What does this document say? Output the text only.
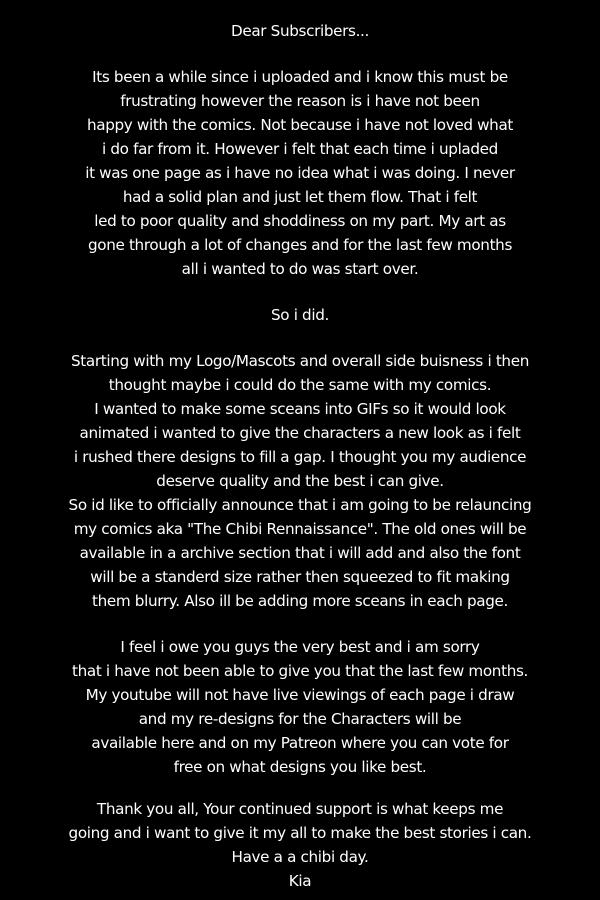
Dear Subscribers...
Its been a while since i uploaded and i know this must be
frustrating however the reason is i have not been
happy with the comics. Not because i have not loved what
i do far from it. However i felt that each time i upladed
it was one page as i have no idea what i was doing. I never
had a solid plan and just let them flow. That i felt
led to poor quality and shoddiness on my part. My art as
gone through a lot of changes and for the last few months
all i wanted to do was start over.
So i did.
Starting with my Logo/Mascots and overall side buisness i then
thought maybe i could do the same with my comics.
I wanted to make some sceans into GIFs so it would look
animated i wanted to give the characters a new look as i felt
i rushed there designs to fill a gap. I thought you my audience
deserve quality and the best i can give.
So id like to officially announce that i am going to be relauncing
my comics aka "The Chibi Rennaissance". The old ones will be
available in a archive section that i will add and also the font
will be a standerd size rather then squeezed to fit making
them blurry. Also ill be adding more sceans in each page.
I feel i owe you guys the very best and i am sorry
that i have not been able to give you that the last few months.
My youtube will not have live viewings of each page i draw
and my re-designs for the Characters will be
available here and on my Patreon where you can vote for
free on what designs you like best.
Thank you all, Your continued support is what keeps me
going and i want to give it my all to make the best stories i can.
Have a a chibi day.
Kia
